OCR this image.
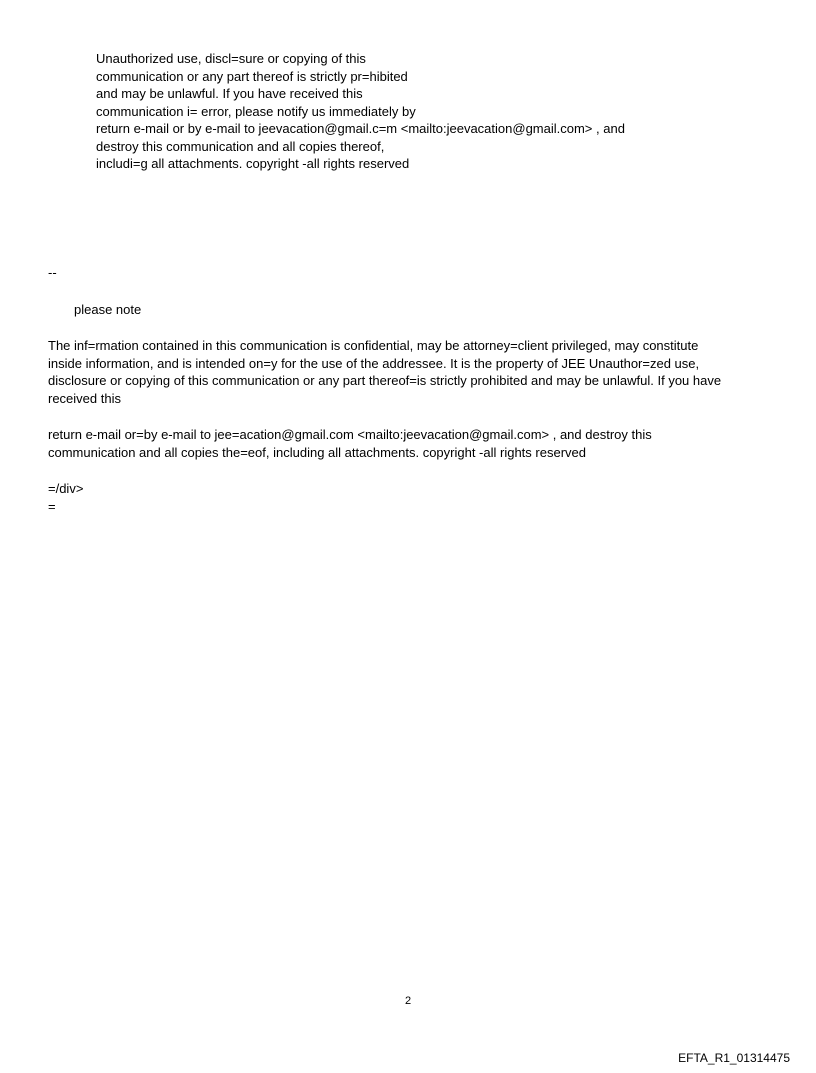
Unauthorized use, discl=sure or copying of this
communication or any part thereof is strictly pr=hibited
and may be unlawful. If you have received this
communication i= error, please notify us immediately by
return e-mail or by e-mail to jeevacation@gmail.c=m <mailto:jeevacation@gmail.com> , and
destroy this communication and all copies thereof,
includi=g all attachments. copyright -all rights reserved
--
please note
The inf=rmation contained in this communication is confidential, may be attorney=client privileged, may constitute
inside information, and is intended on=y for the use of the addressee. It is the property of JEE Unauthor=zed use,
disclosure or copying of this communication or any part thereof=is strictly prohibited and may be unlawful. If you have
received this
return e-mail or=by e-mail to jee=acation@gmail.com <mailto:jeevacation@gmail.com> , and destroy this
communication and all copies the=eof, including all attachments. copyright -all rights reserved
=/div>
=
2
EFTA_R1_01314475
